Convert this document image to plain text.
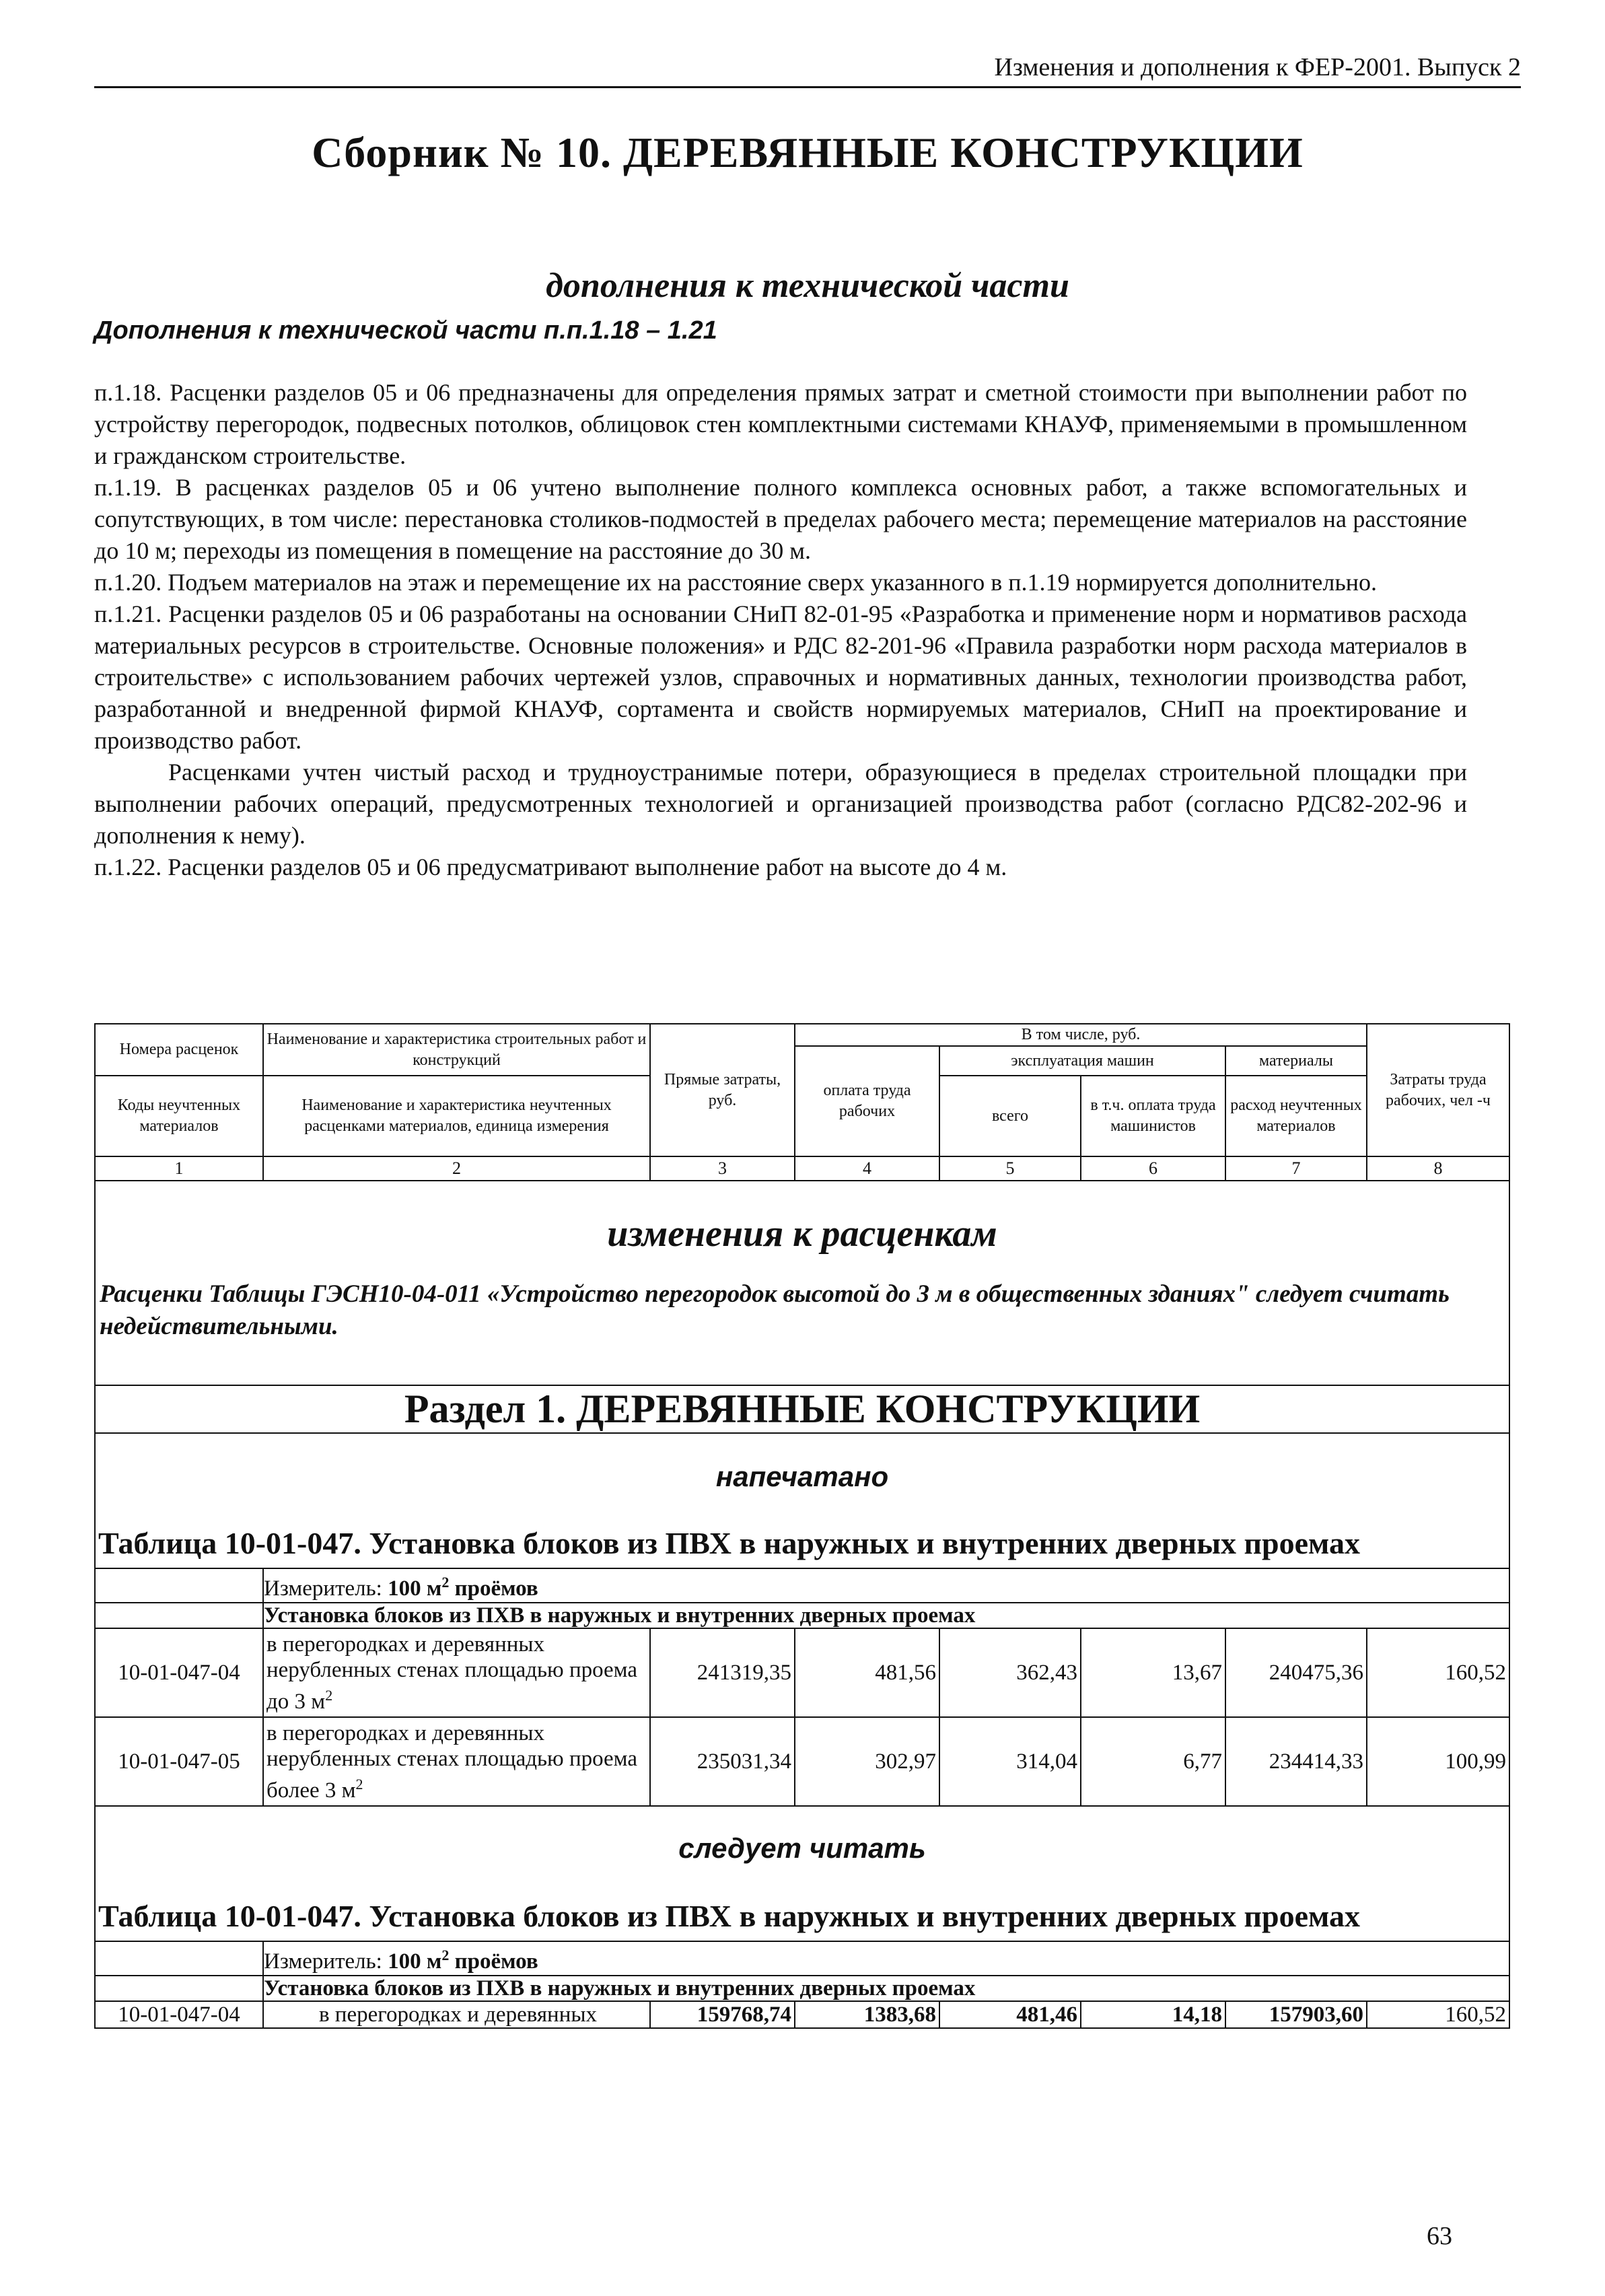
Изменения и дополнения к ФЕР-2001. Выпуск 2
Сборник № 10. ДЕРЕВЯННЫЕ КОНСТРУКЦИИ
дополнения к технической части
Дополнения к технической части п.п.1.18 – 1.21

п.1.18. Расценки разделов 05 и 06 предназначены для определения прямых затрат и сметной стоимости при выполнении работ по устройству перегородок, подвесных потолков, облицовок стен комплектными системами КНАУФ, применяемыми в промышленном и гражданском строительстве.

п.1.19. В расценках разделов 05 и 06 учтено выполнение полного комплекса основных работ, а также вспомогательных и сопутствующих, в том числе: перестановка столиков-подмостей в пределах рабочего места; перемещение материалов на расстояние до 10 м; переходы из помещения в помещение на расстояние до 30 м.

п.1.20. Подъем материалов на этаж и перемещение их на расстояние сверх указанного в п.1.19 нормируется дополнительно.

п.1.21. Расценки разделов 05 и 06 разработаны на основании СНиП 82-01-95 «Разработка и применение норм и нормативов расхода материальных ресурсов в строительстве. Основные положения» и РДС 82-201-96 «Правила разработки норм расхода материалов в строительстве» с использованием рабочих чертежей узлов, справочных и нормативных данных, технологии производства работ, разработанной и внедренной фирмой КНАУФ, сортамента и свойств нормируемых материалов, СНиП на проектирование и производство работ.

Расценками учтен чистый расход и трудноустранимые потери, образующиеся в пределах строительной площадки при выполнении рабочих операций, предусмотренных технологией и организацией производства работ (согласно РДС82-202-96 и дополнения к нему).

п.1.22. Расценки разделов 05 и 06 предусматривают выполнение работ на высоте до 4 м.

Номера расценок	Наименование и характеристика строительных работ и конструкций	Прямые затраты, руб.	В том числе, руб.				Затраты труда рабочих, чел -ч
			оплата труда рабочих	эксплуатация машин		материалы	
Коды неучтенных материалов	Наименование и характеристика неучтенных расценками материалов, единица измерения			всего	в т.ч. оплата труда машинистов	расход неучтенных материалов	

1	2	3	4	5	6	7	8

изменения к расценкам
Расценки Таблицы ГЭСН10-04-011 «Устройство перегородок высотой до 3 м в общественных зданиях" следует считать недействительными.							

Раздел 1. ДЕРЕВЯННЫЕ КОНСТРУКЦИИ							

напечатано
Таблица 10-01-047. Установка блоков из ПВХ в наружных и внутренних дверных проемах							

	Измеритель: 100 $м^2$ проёмов						
	Установка блоков из ПХВ в наружных и внутренних дверных проемах						
10-01-047-04	в перегородках и деревянных нерубленных стенах площадью проема до 3 $м^2$	241319,35	481,56	362,43	13,67	240475,36	160,52
10-01-047-05	в перегородках и деревянных нерубленных стенах площадью проема более 3 $м^2$	235031,34	302,97	314,04	6,77	234414,33	100,99

следует читать
Таблица 10-01-047. Установка блоков из ПВХ в наружных и внутренних дверных проемах							

	Измеритель: 100 $м^2$ проёмов						
	Установка блоков из ПХВ в наружных и внутренних дверных проемах						
10-01-047-04	в перегородках и деревянных	159768,74	1383,68	481,46	14,18	157903,60	160,52
63
